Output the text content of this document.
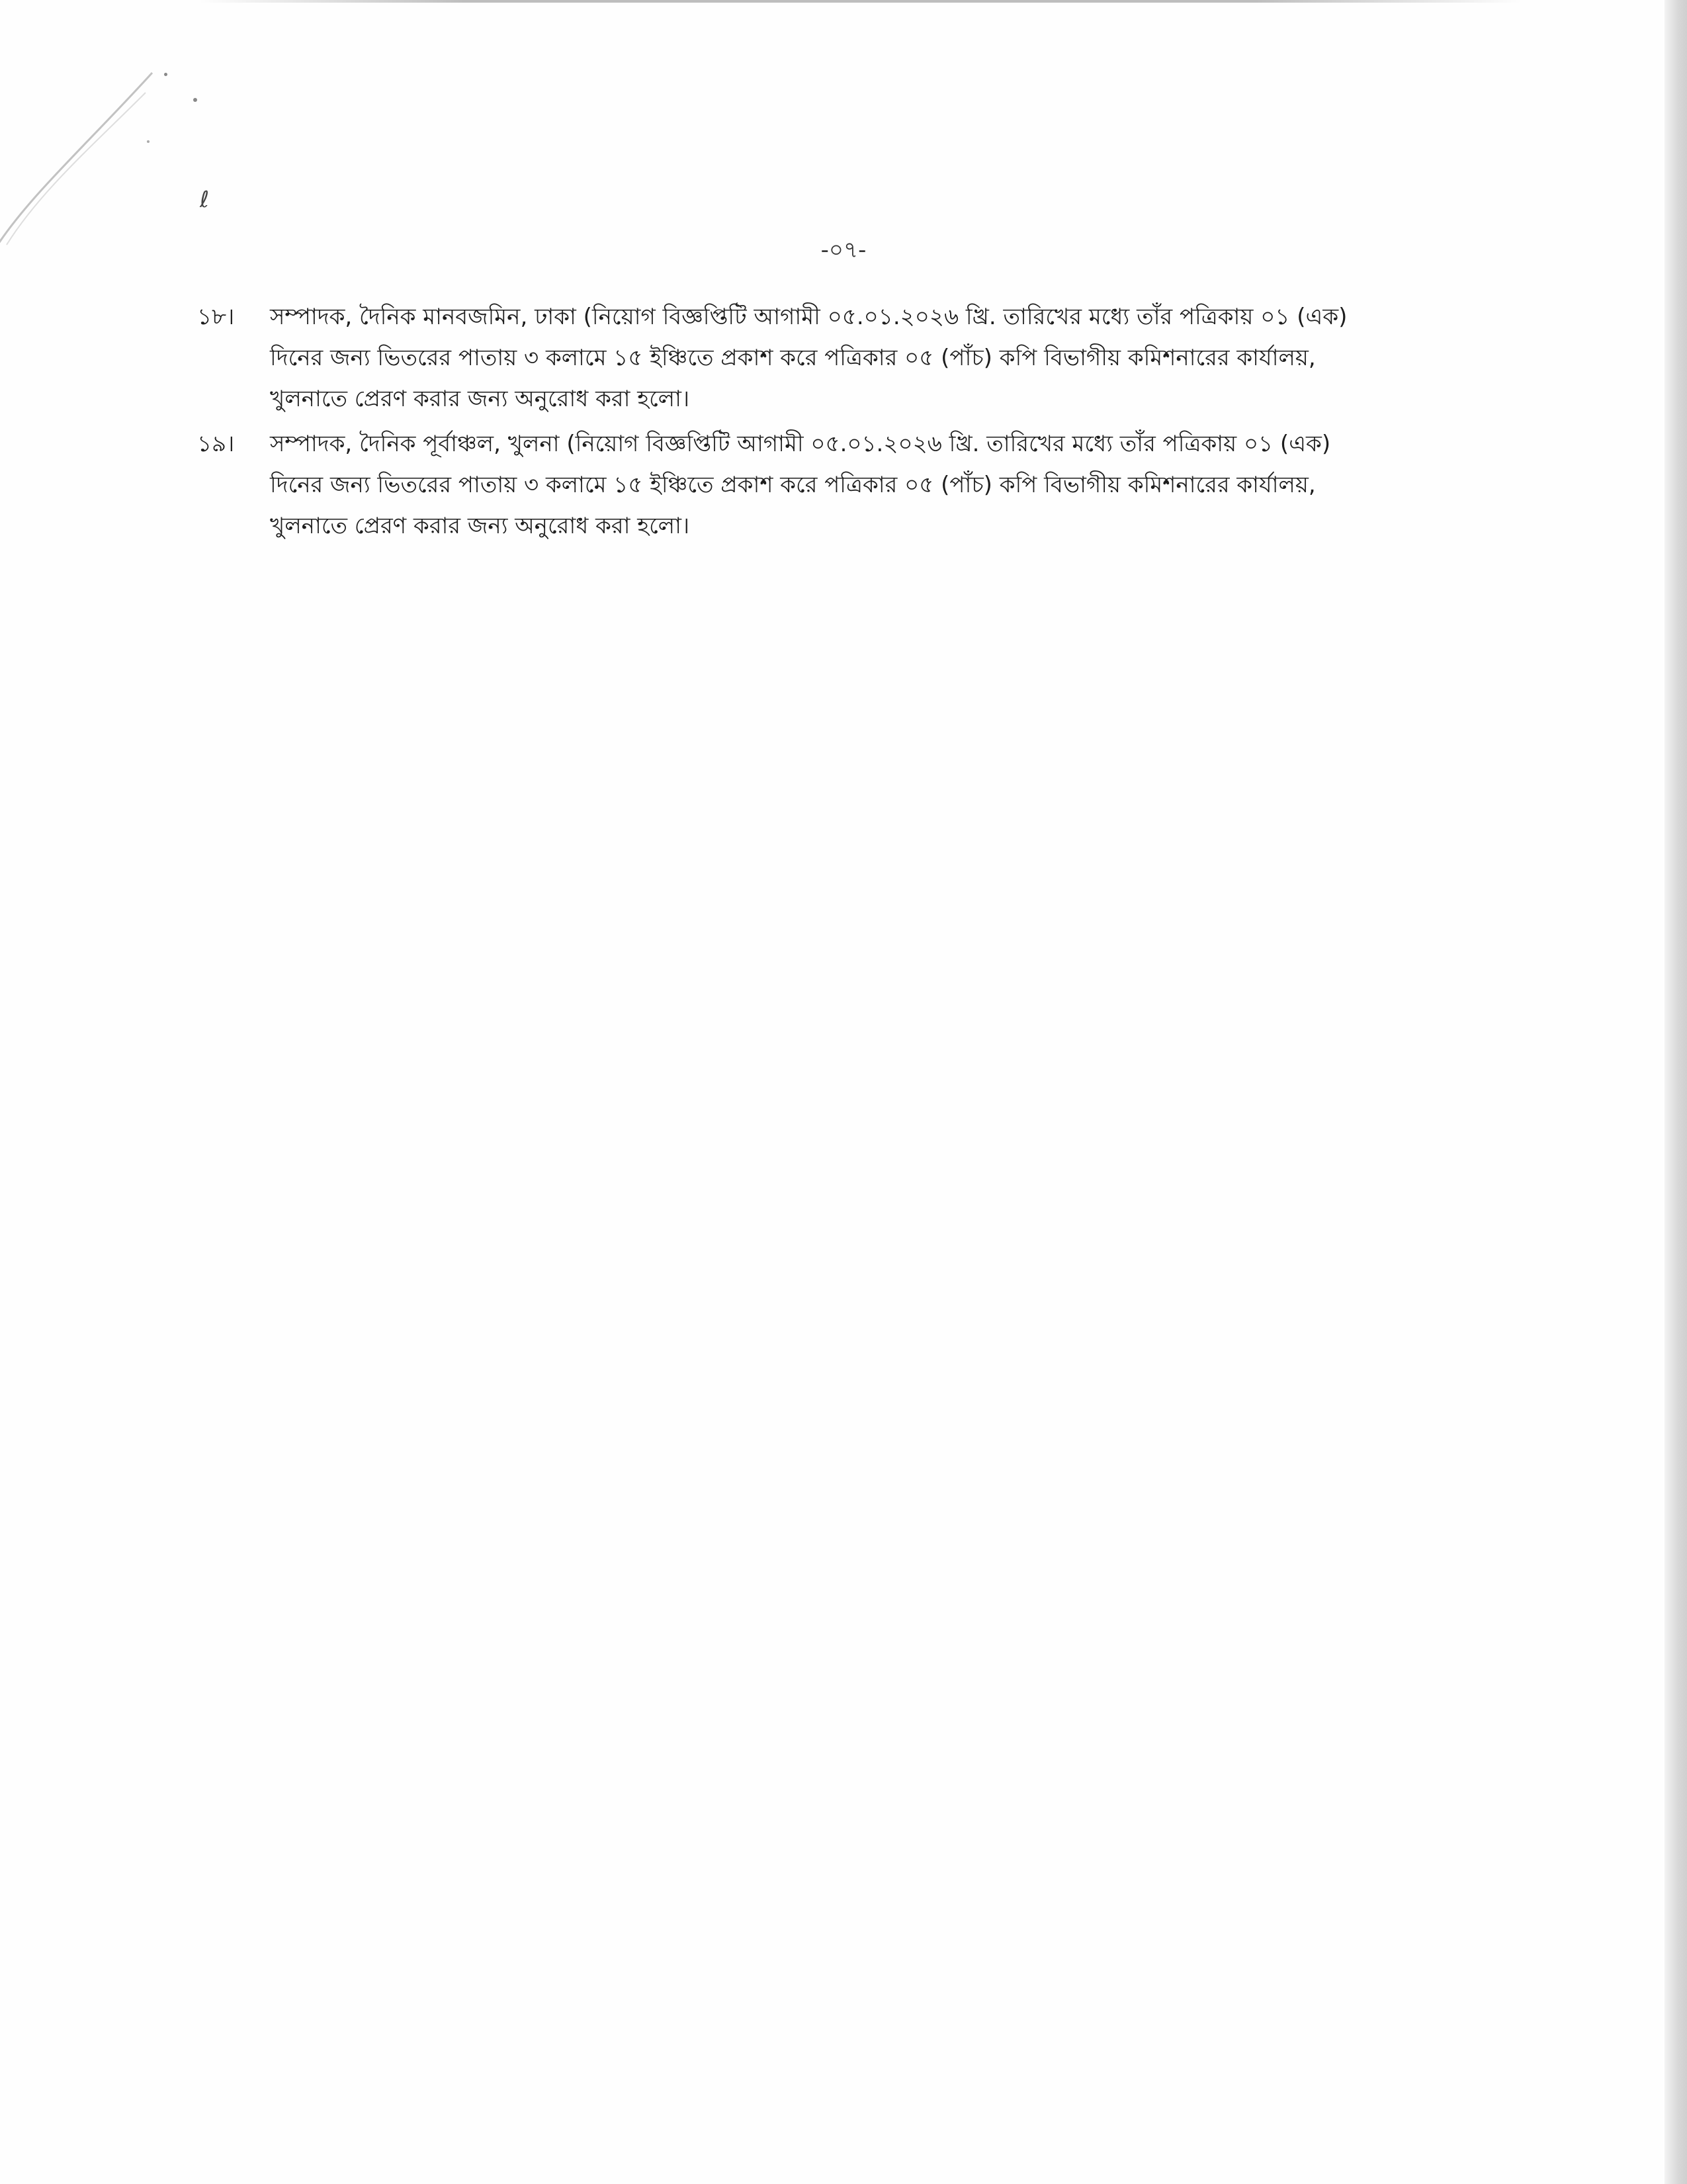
ℓ
-০৭-
১৮।	সম্পাদক, দৈনিক মানবজমিন, ঢাকা (নিয়োগ বিজ্ঞপ্তিটি আগামী ০৫.০১.২০২৬ খ্রি. তারিখের মধ্যে তাঁর পত্রিকায় ০১ (এক)
দিনের জন্য ভিতরের পাতায় ৩ কলামে ১৫ ইঞ্চিতে প্রকাশ করে পত্রিকার ০৫ (পাঁচ) কপি বিভাগীয় কমিশনারের কার্যালয়,
খুলনাতে প্রেরণ করার জন্য অনুরোধ করা হলো।
১৯।	সম্পাদক, দৈনিক পূর্বাঞ্চল, খুলনা (নিয়োগ বিজ্ঞপ্তিটি আগামী ০৫.০১.২০২৬ খ্রি. তারিখের মধ্যে তাঁর পত্রিকায় ০১ (এক)
দিনের জন্য ভিতরের পাতায় ৩ কলামে ১৫ ইঞ্চিতে প্রকাশ করে পত্রিকার ০৫ (পাঁচ) কপি বিভাগীয় কমিশনারের কার্যালয়,
খুলনাতে প্রেরণ করার জন্য অনুরোধ করা হলো।
